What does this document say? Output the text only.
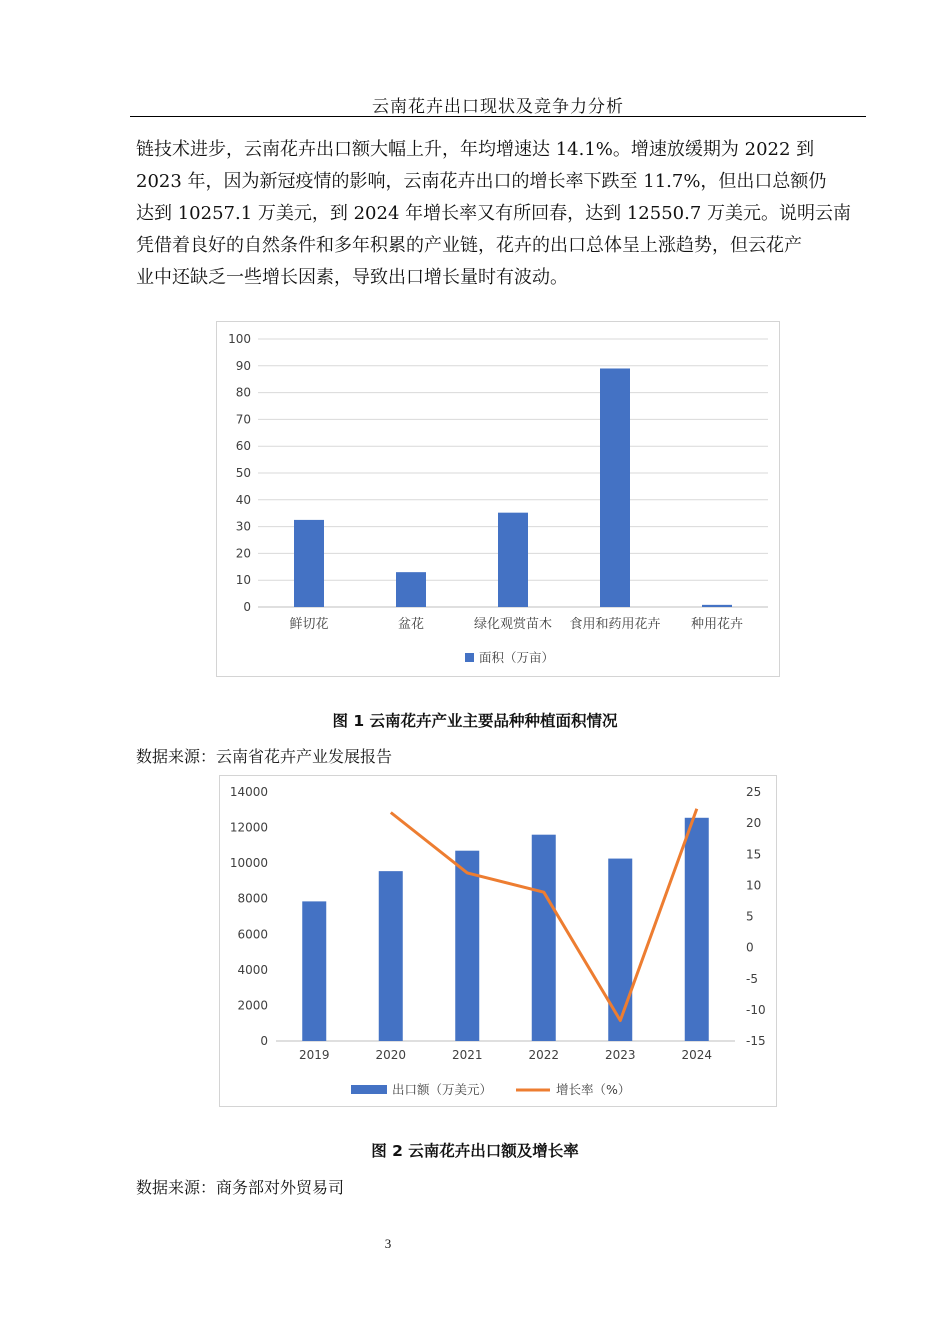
云南花卉出口现状及竞争力分析
链技术进步，云南花卉出口额大幅上升，年均增速达 14.1%。增速放缓期为 2022 到
2023 年，因为新冠疫情的影响，云南花卉出口的增长率下跌至 11.7%，但出口总额仍
达到 10257.1 万美元，到 2024 年增长率又有所回春，达到 12550.7 万美元。说明云南
凭借着良好的自然条件和多年积累的产业链，花卉的出口总体呈上涨趋势，但云花产
业中还缺乏一些增长因素，导致出口增长量时有波动。
0
10
20
30
40
50
60
70
80
90
100
鲜切花	盆花	绿化观赏苗木 食用和药用花卉 种用花卉
面积（万亩）
图 1 云南花卉产业主要品种种植面积情况
数据来源：云南省花卉产业发展报告
0
2000
4000
6000
8000
10000
12000
14000
-15
-10
-5
0
5
10
15
20
25
2019	2020	2021	2022	2023	2024
出口额（万美元）	增长率（%）
图 2 云南花卉出口额及增长率
数据来源：商务部对外贸易司
3
